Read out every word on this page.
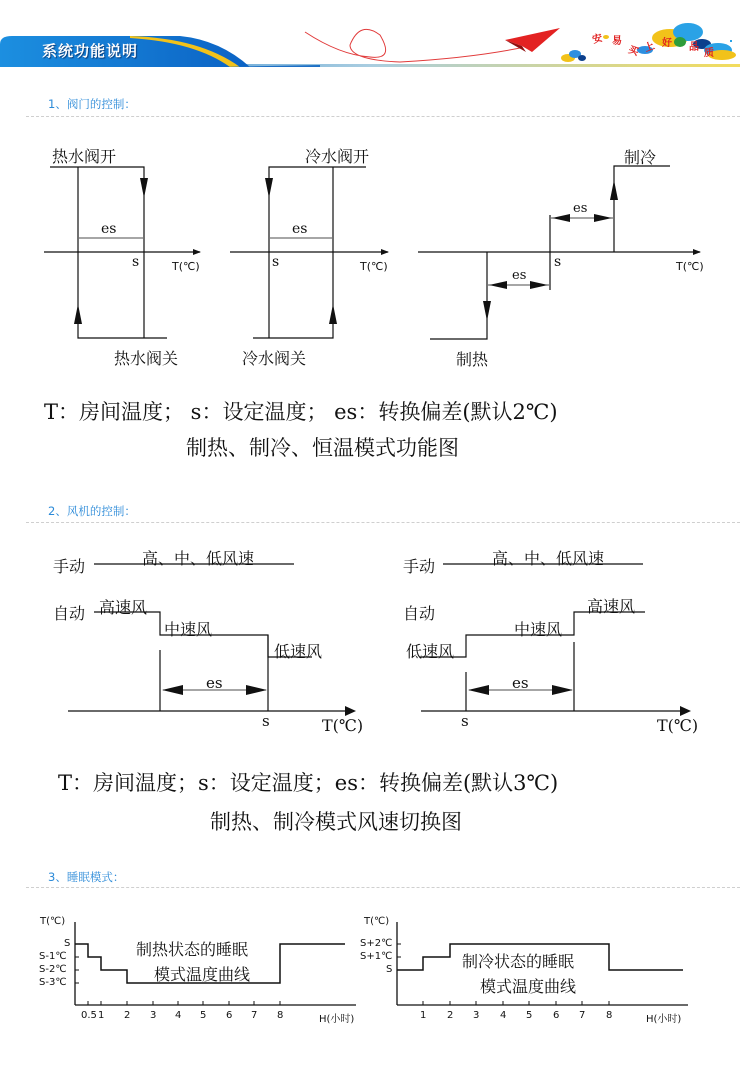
系统功能说明
安 易
买 上 好 品
质
1、阀门的控制：
热水阀开
热水阀关
es
s	T(℃)
冷水阀开
冷水阀关
es
s	T(℃)
制冷
制热
es
es
s	T(℃)
T：房间温度； s：设定温度； es：转换偏差(默认2℃)
制热、制冷、恒温模式功能图
2、风机的控制：
手动	高、中、低风速
自动 高速风
中速风
低速风
es
s	T(℃)
手动	高、中、低风速
自动	高速风
中速风
低速风
es
s	T(℃)
T：房间温度；s：设定温度；es：转换偏差(默认3℃)
制热、制冷模式风速切换图
3、睡眠模式：
T(℃)
S
S-1℃
S-2℃
S-3℃
0.5 1 2 3 4 5 6 7 8	H(小时)
制热状态的睡眠
模式温度曲线
T(℃)
S+2℃
S+1℃
S
1 2 3 4 5 6 7 8	H(小时)
制冷状态的睡眠
模式温度曲线
